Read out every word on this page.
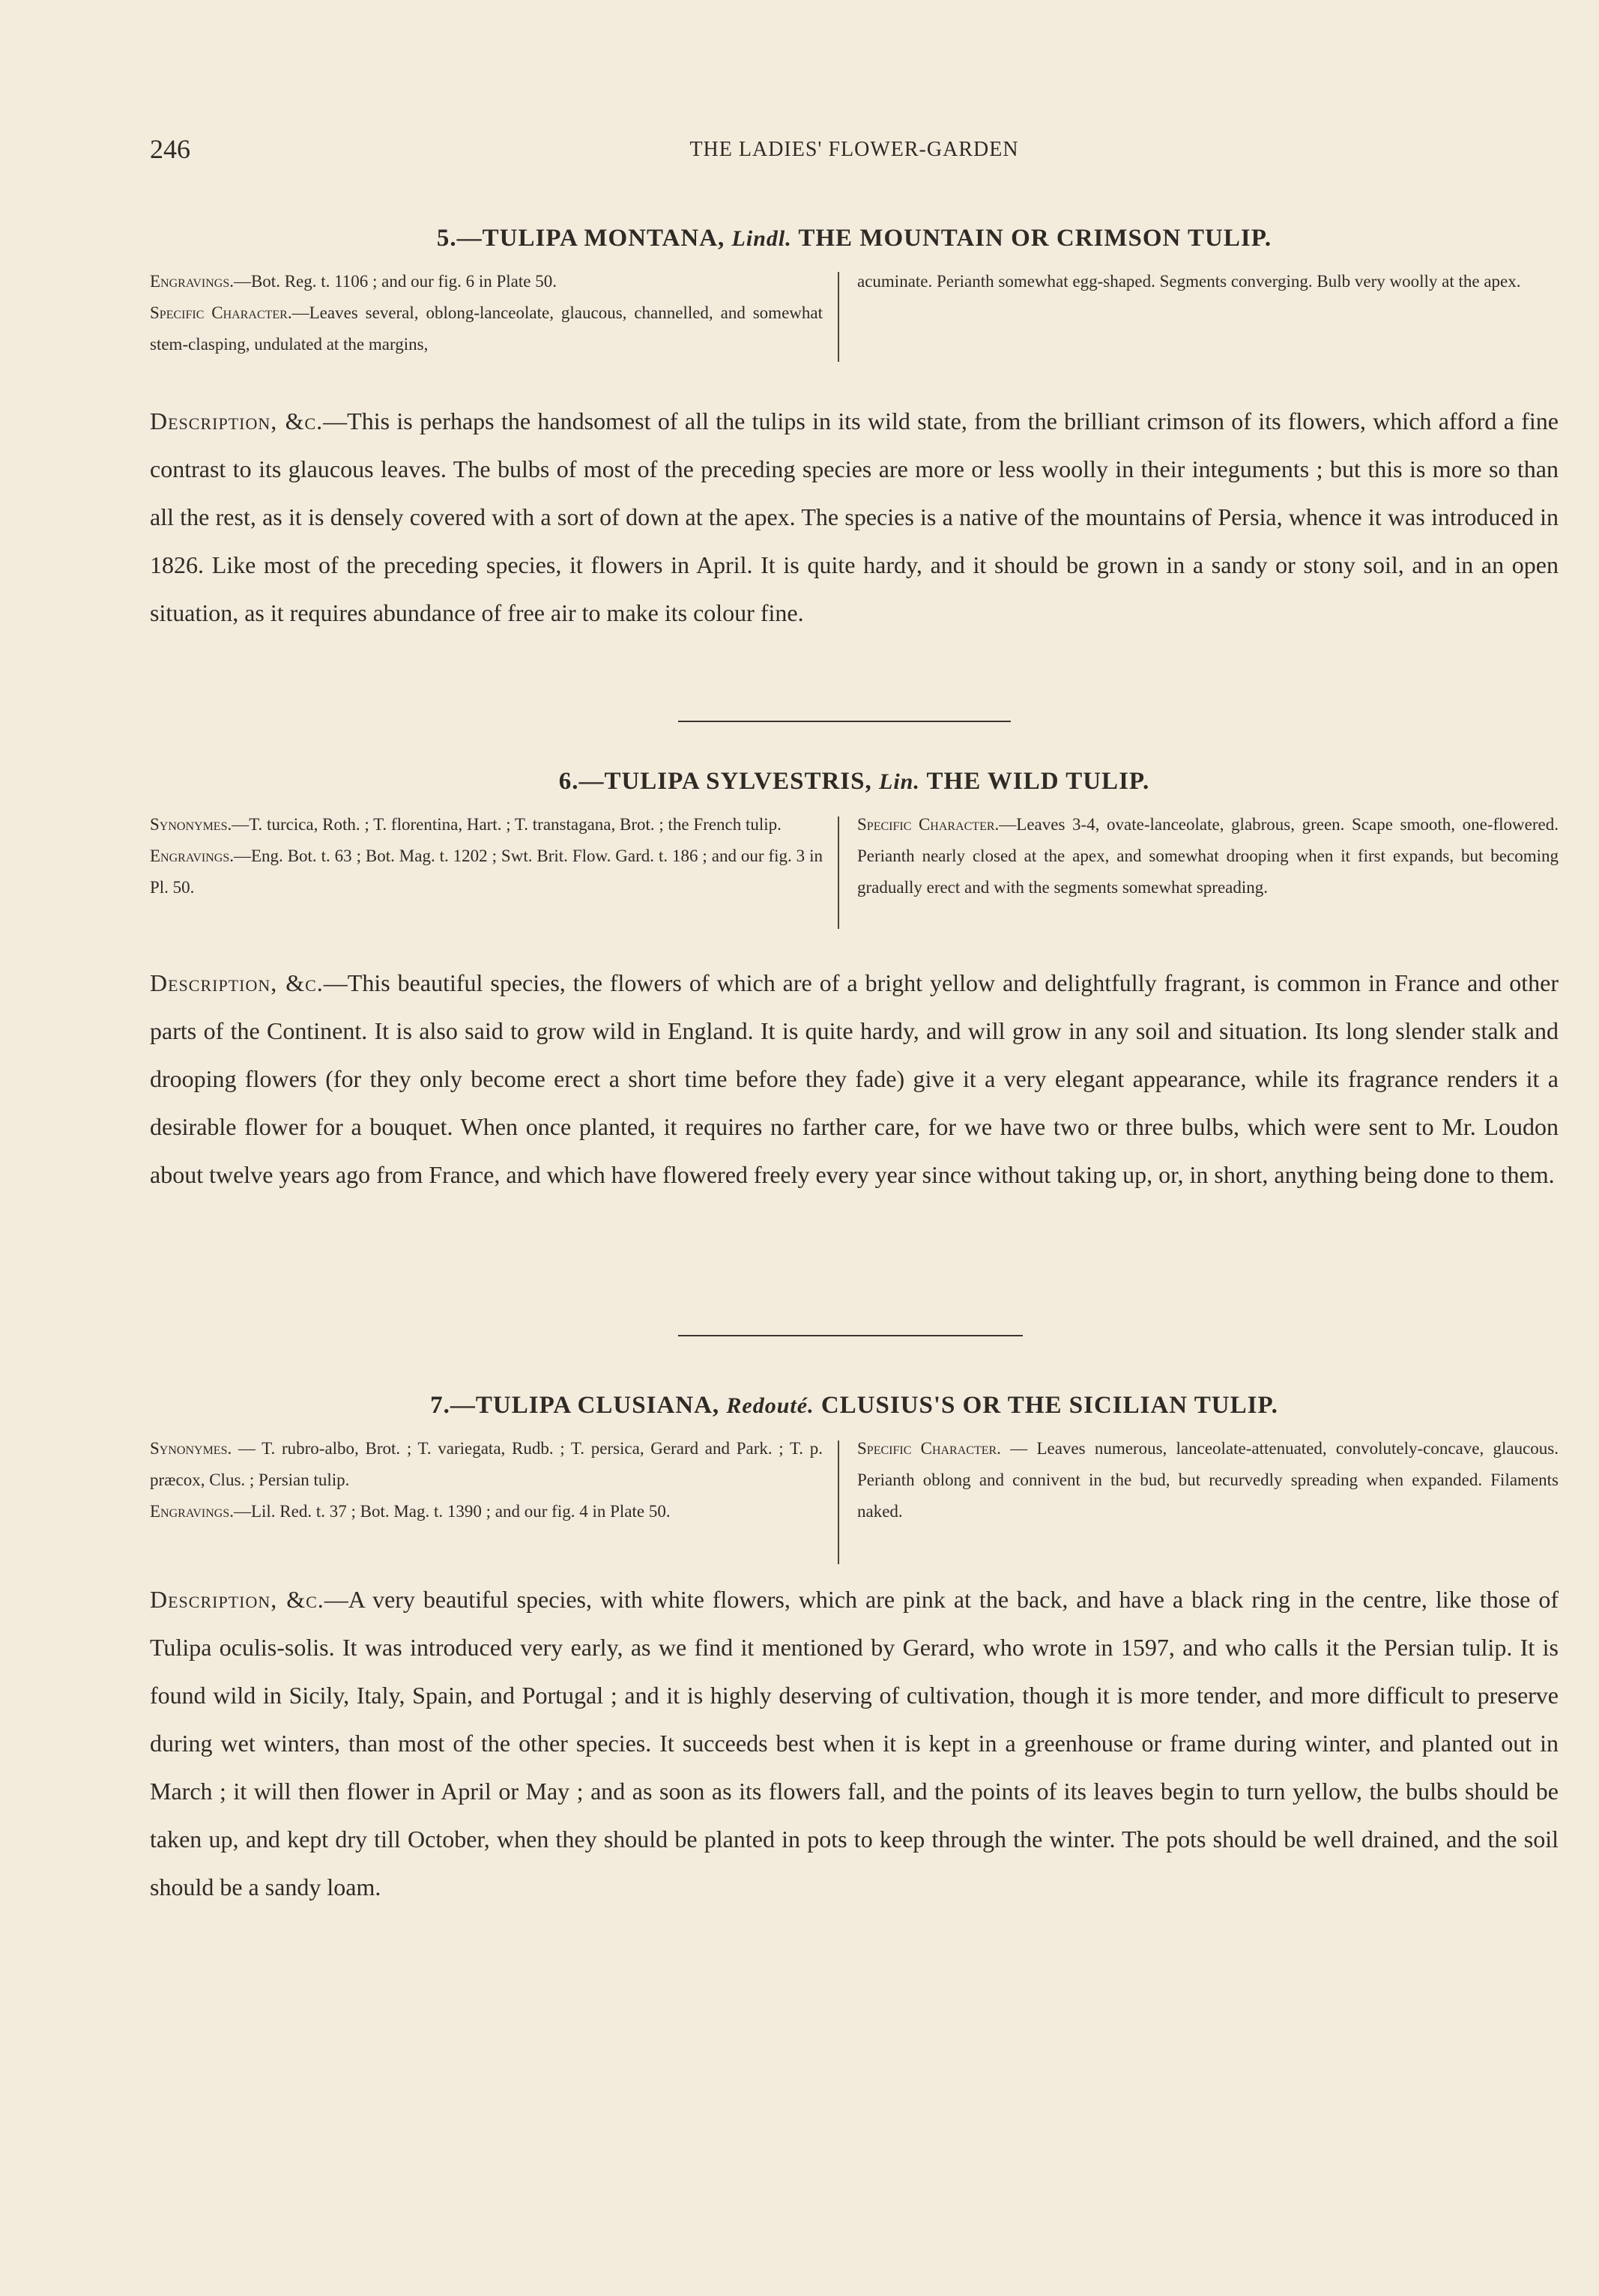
246	THE LADIES' FLOWER-GARDEN
5.—TULIPA MONTANA, Lindl. THE MOUNTAIN OR CRIMSON TULIP.
Engravings.—Bot. Reg. t. 1106 ; and our fig. 6 in Plate 50.
Specific Character.—Leaves several, oblong-lanceolate, glaucous, channelled, and somewhat stem-clasping, undulated at the margins,
acuminate. Perianth somewhat egg-shaped. Segments converging. Bulb very woolly at the apex.
Description, &c.—This is perhaps the handsomest of all the tulips in its wild state, from the brilliant crimson of its flowers, which afford a fine contrast to its glaucous leaves. The bulbs of most of the preceding species are more or less woolly in their integuments ; but this is more so than all the rest, as it is densely covered with a sort of down at the apex. The species is a native of the mountains of Persia, whence it was introduced in 1826. Like most of the preceding species, it flowers in April. It is quite hardy, and it should be grown in a sandy or stony soil, and in an open situation, as it requires abundance of free air to make its colour fine.
6.—TULIPA SYLVESTRIS, Lin. THE WILD TULIP.
Synonymes.—T. turcica, Roth. ; T. florentina, Hart. ; T. transtagana, Brot. ; the French tulip.
Engravings.—Eng. Bot. t. 63 ; Bot. Mag. t. 1202 ; Swt. Brit. Flow. Gard. t. 186 ; and our fig. 3 in Pl. 50.
Specific Character.—Leaves 3-4, ovate-lanceolate, glabrous, green. Scape smooth, one-flowered. Perianth nearly closed at the apex, and somewhat drooping when it first expands, but becoming gradually erect and with the segments somewhat spreading.
Description, &c.—This beautiful species, the flowers of which are of a bright yellow and delightfully fragrant, is common in France and other parts of the Continent. It is also said to grow wild in England. It is quite hardy, and will grow in any soil and situation. Its long slender stalk and drooping flowers (for they only become erect a short time before they fade) give it a very elegant appearance, while its fragrance renders it a desirable flower for a bouquet. When once planted, it requires no farther care, for we have two or three bulbs, which were sent to Mr. Loudon about twelve years ago from France, and which have flowered freely every year since without taking up, or, in short, anything being done to them.
7.—TULIPA CLUSIANA, Redouté. CLUSIUS'S OR THE SICILIAN TULIP.
Synonymes. — T. rubro-albo, Brot. ; T. variegata, Rudb. ; T. persica, Gerard and Park. ; T. p. præcox, Clus. ; Persian tulip.
Engravings.—Lil. Red. t. 37 ; Bot. Mag. t. 1390 ; and our fig. 4 in Plate 50.
Specific Character. — Leaves numerous, lanceolate-attenuated, convolutely-concave, glaucous. Perianth oblong and connivent in the bud, but recurvedly spreading when expanded. Filaments naked.
Description, &c.—A very beautiful species, with white flowers, which are pink at the back, and have a black ring in the centre, like those of Tulipa oculis-solis. It was introduced very early, as we find it mentioned by Gerard, who wrote in 1597, and who calls it the Persian tulip. It is found wild in Sicily, Italy, Spain, and Portugal ; and it is highly deserving of cultivation, though it is more tender, and more difficult to preserve during wet winters, than most of the other species. It succeeds best when it is kept in a greenhouse or frame during winter, and planted out in March ; it will then flower in April or May ; and as soon as its flowers fall, and the points of its leaves begin to turn yellow, the bulbs should be taken up, and kept dry till October, when they should be planted in pots to keep through the winter. The pots should be well drained, and the soil should be a sandy loam.
